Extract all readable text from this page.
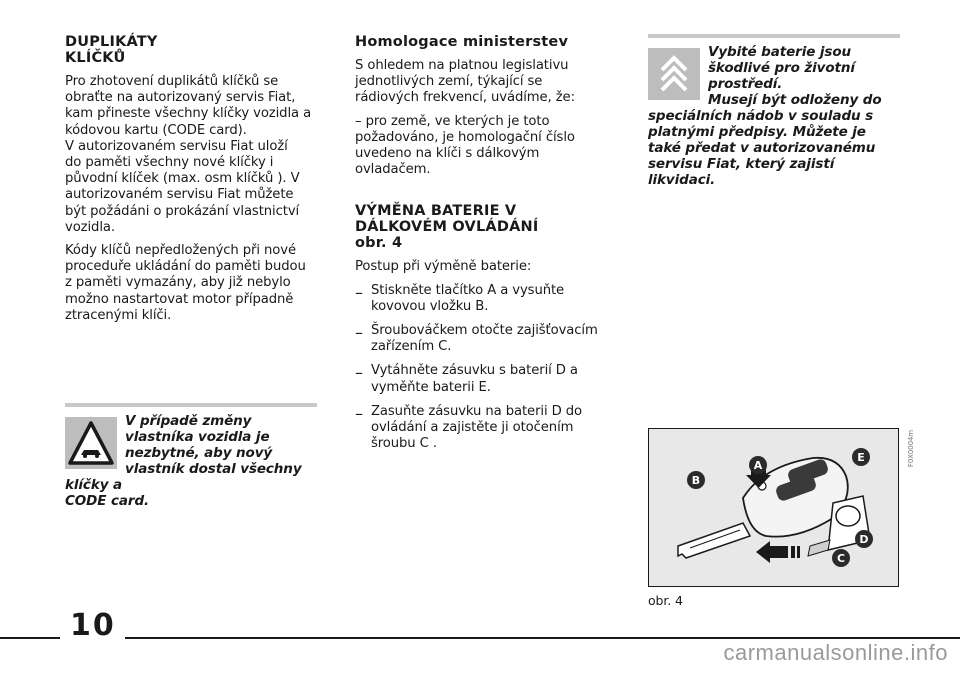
DUPLIKÁTY
KLÍČKŮ

Pro zhotovení duplikátů klíčků se
obraťte na autorizovaný servis Fiat,
kam přineste všechny klíčky vozidla a
kódovou kartu (CODE card).
V autorizovaném servisu Fiat uloží
do paměti všechny nové klíčky i
původní klíček (max. osm klíčků ). V
autorizovaném servisu Fiat můžete
být požádáni o prokázání vlastnictví
vozidla.

Kódy klíčů nepředložených při nové
proceduře ukládání do paměti budou
z paměti vymazány, aby již nebylo
možno nastartovat motor případně
ztracenými klíči.

V případě změny
vlastníka vozidla je
nezbytné, aby nový
vlastník dostal všechny klíčky a
CODE card.

Homologace ministerstev

S ohledem na platnou legislativu
jednotlivých zemí, týkající se
rádiových frekvencí, uvádíme, že:

– pro země, ve kterých je toto
požadováno, je homologační číslo
uvedeno na klíči s dálkovým
ovladačem.

VÝMĚNA BATERIE V
DÁLKOVÉM OVLÁDÁNÍ
obr. 4

Postup při výměně baterie:

– Stiskněte tlačítko A a vysuňte
kovovou vložku B.

– Šroubováčkem otočte zajišťovacím
zařízením C.

– Vytáhněte zásuvku s baterií D a
vyměňte baterii E.

– Zasuňte zásuvku na baterii D do
ovládání a zajistěte ji otočením
šroubu C .

Vybité baterie jsou
škodlivé pro životní
prostředí.
Musejí být odloženy do
speciálních nádob v souladu s
platnými předpisy. Můžete je
také předat v autorizovanému
servisu Fiat, který zajistí
likvidaci.

A
B
C
D
E	F0X0004m

obr. 4

10

carmanualsonline.info
